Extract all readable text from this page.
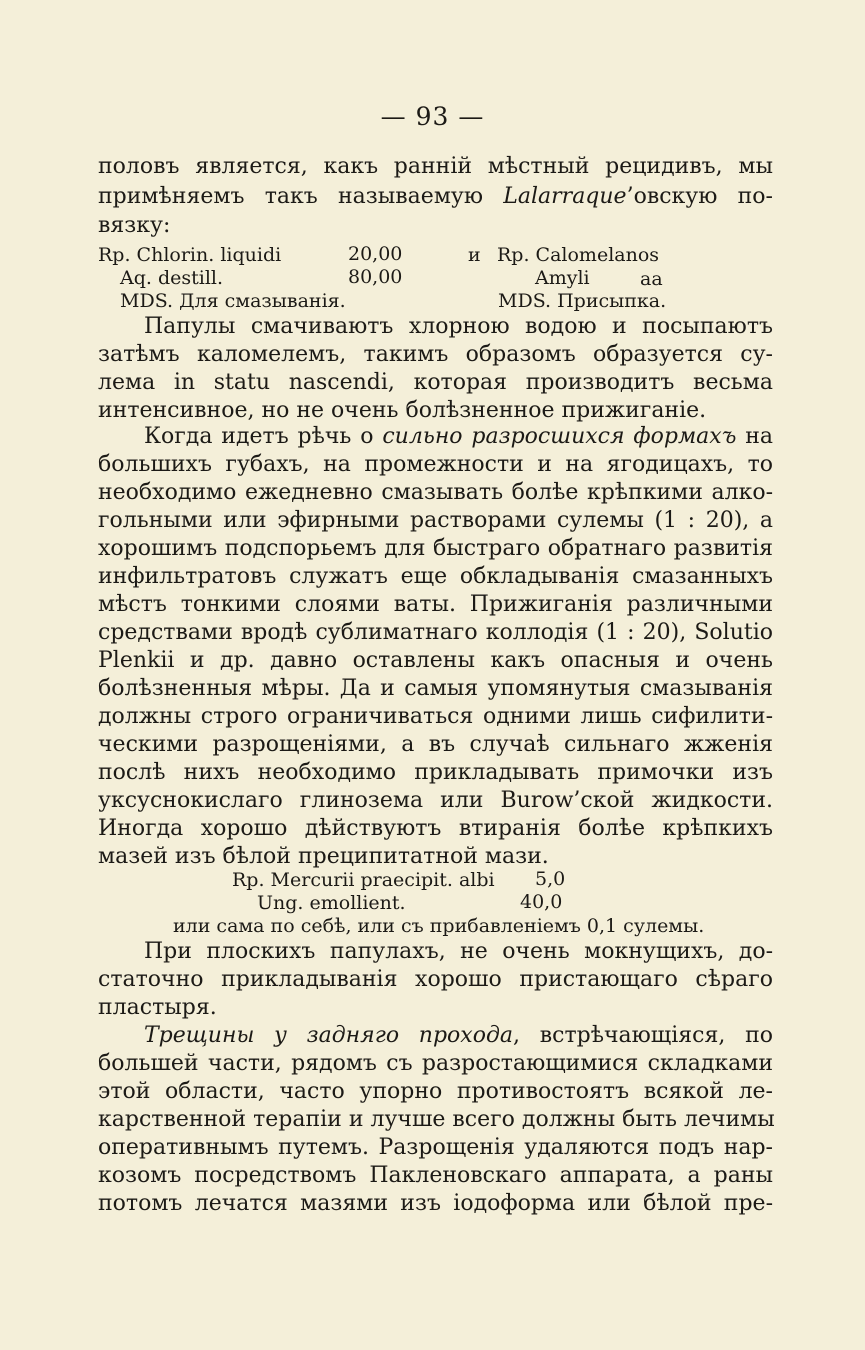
— 93 —
половъ является, какъ ранній мѣстный рецидивъ, мы
примѣняемъ такъ называемую Lalarraque’овскую по-
вязку:
Rp. Chlorin. liquidi	20,00
Aq. destill.	80,00
MDS. Для смазыванія.
и Rp. Calomelanos
Amyli	aa
MDS. Присыпка.
Папулы смачиваютъ хлорною водою и посыпаютъ
затѣмъ каломелемъ, такимъ образомъ образуется су-
лема in statu nascendi, которая производитъ весьма
интенсивное, но не очень болѣзненное прижиганіе.
Когда идетъ рѣчь о сильно разросшихся формахъ на
большихъ губахъ, на промежности и на ягодицахъ, то
необходимо ежедневно смазывать болѣе крѣпкими алко-
гольными или эфирными растворами сулемы (1 : 20), а
хорошимъ подспорьемъ для быстраго обратнаго развитія
инфильтратовъ служатъ еще обкладыванія смазанныхъ
мѣстъ тонкими слоями ваты. Прижиганія различными
средствами вродѣ сублиматнаго коллодія (1 : 20), Solutio
Plenkii и др. давно оставлены какъ опасныя и очень
болѣзненныя мѣры. Да и самыя упомянутыя смазыванія
должны строго ограничиваться одними лишь сифилити-
ческими разрощеніями, а въ случаѣ сильнаго жженія
послѣ нихъ необходимо прикладывать примочки изъ
уксуснокислаго глинозема или Burow’ской жидкости.
Иногда хорошо дѣйствуютъ втиранія болѣе крѣпкихъ
мазей изъ бѣлой преципитатной мази.
Rp. Mercurii praecipit. albi 5,0
Ung. emollient.	40,0
или сама по себѣ, или съ прибавленіемъ 0,1 сулемы.
При плоскихъ папулахъ, не очень мокнущихъ, до-
статочно прикладыванія хорошо пристающаго сѣраго
пластыря.
Трещины у задняго прохода, встрѣчающіяся, по
большей части, рядомъ съ разростающимися складками
этой области, часто упорно противостоятъ всякой ле-
карственной терапіи и лучше всего должны быть лечимы
оперативнымъ путемъ. Разрощенія удаляются подъ нар-
козомъ посредствомъ Пакленовскаго аппарата, а раны
потомъ лечатся мазями изъ іодоформа или бѣлой пре-
